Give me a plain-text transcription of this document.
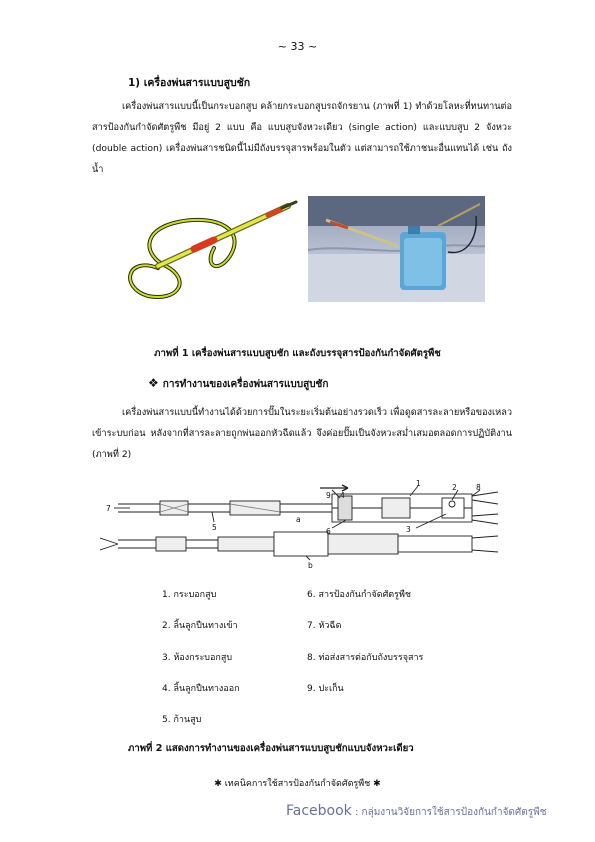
~ 33 ~
1) เครื่องพ่นสารแบบสูบชัก
เครื่องพ่นสารแบบนี้เป็นกระบอกสูบ คล้ายกระบอกสูบรถจักรยาน (ภาพที่ 1) ทำด้วยโลหะที่ทนทานต่อสารป้องกันกำจัดศัตรูพืช มีอยู่ 2 แบบ คือ แบบสูบจังหวะเดียว (single action) และแบบสูบ 2 จังหวะ (double action) เครื่องพ่นสารชนิดนี้ไม่มีถังบรรจุสารพร้อมในตัว แต่สามารถใช้ภาชนะอื่นแทนได้ เช่น ถังน้ำ
ภาพที่ 1 เครื่องพ่นสารแบบสูบชัก และถังบรรจุสารป้องกันกำจัดศัตรูพืช
❖ การทำงานของเครื่องพ่นสารแบบสูบชัก
เครื่องพ่นสารแบบนี้ทำงานได้ด้วยการปั๊มในระยะเริ่มต้นอย่างรวดเร็ว เพื่อดูดสารละลายหรือของเหลวเข้าระบบก่อน หลังจากที่สารละลายถูกพ่นออกหัวฉีดแล้ว จึงค่อยปั๊มเป็นจังหวะสม่ำเสมอตลอดการปฏิบัติงาน (ภาพที่ 2)
7
5
a
9 4
1	2	8
6	3
b
1. กระบอกสูบ
2. ลิ้นลูกปืนทางเข้า
3. ห้องกระบอกสูบ
4. ลิ้นลูกปืนทางออก
5. ก้านสูบ
6. สารป้องกันกำจัดศัตรูพืช
7. หัวฉีด
8. ท่อส่งสารต่อกับถังบรรจุสาร
9. ปะเก็น
ภาพที่ 2 แสดงการทำงานของเครื่องพ่นสารแบบสูบชักแบบจังหวะเดียว
✱ เทคนิคการใช้สารป้องกันกำจัดศัตรูพืช ✱
Facebook : กลุ่มงานวิจัยการใช้สารป้องกันกำจัดศัตรูพืช
